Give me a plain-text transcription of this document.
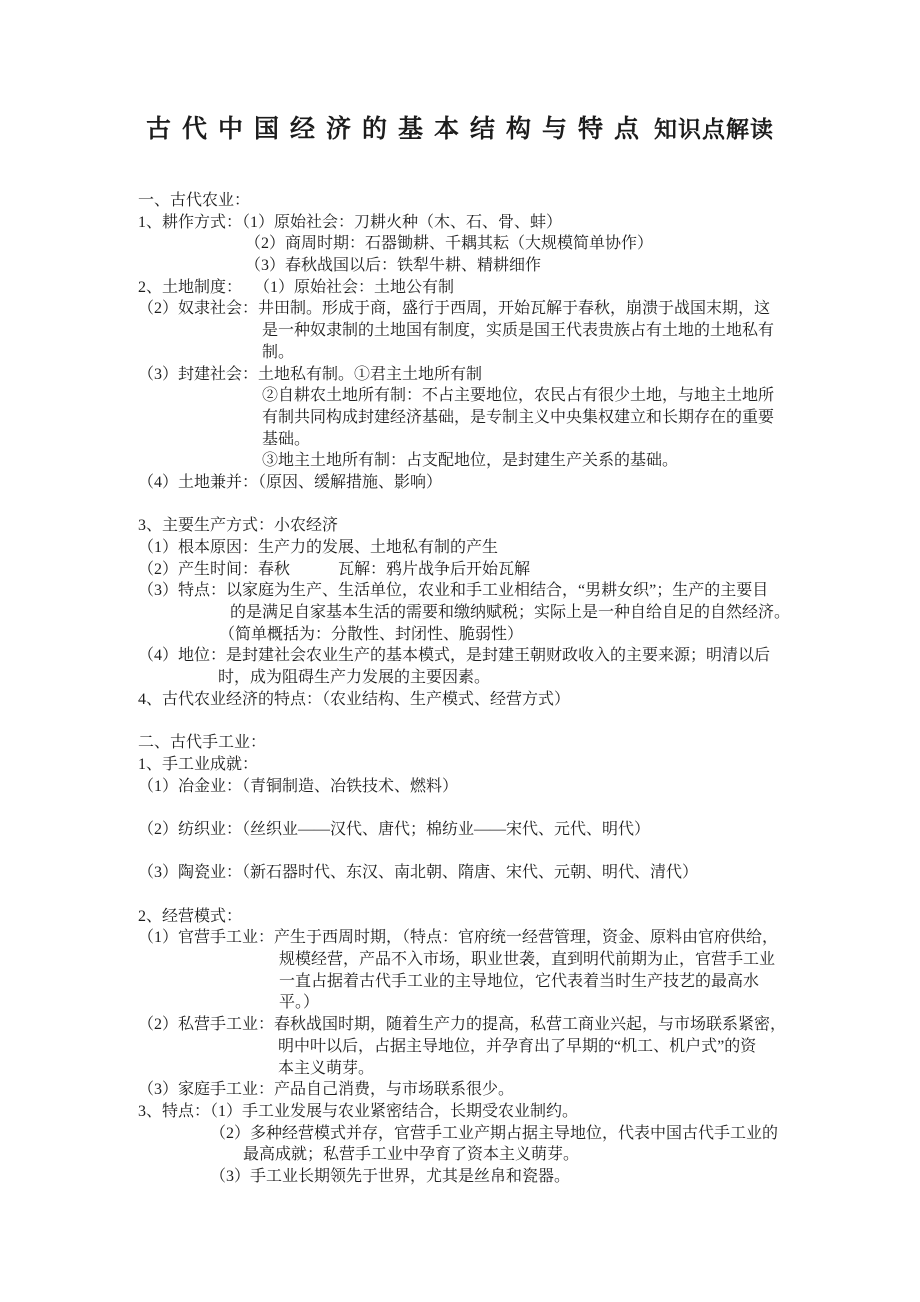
古代中国经济的基本结构与特点 知识点解读
一、古代农业：
1、耕作方式：（1）原始社会：刀耕火种（木、石、骨、蚌）
（2）商周时期：石器锄耕、千耦其耘（大规模简单协作）
（3）春秋战国以后：铁犁牛耕、精耕细作
2、土地制度：　 （1）原始社会：土地公有制
（2）奴隶社会：井田制。形成于商，盛行于西周，开始瓦解于春秋，崩溃于战国末期，这
是一种奴隶制的土地国有制度，实质是国王代表贵族占有土地的土地私有
制。
（3）封建社会：土地私有制。①君主土地所有制
②自耕农土地所有制：不占主要地位，农民占有很少土地，与地主土地所
有制共同构成封建经济基础，是专制主义中央集权建立和长期存在的重要
基础。
③地主土地所有制：占支配地位，是封建生产关系的基础。
（4）土地兼并：（原因、缓解措施、影响）

3、主要生产方式：小农经济
（1）根本原因：生产力的发展、土地私有制的产生
（2）产生时间：春秋　　　瓦解：鸦片战争后开始瓦解
（3）特点：以家庭为生产、生活单位，农业和手工业相结合，“男耕女织”；生产的主要目
的是满足自家基本生活的需要和缴纳赋税；实际上是一种自给自足的自然经济。
（简单概括为：分散性、封闭性、脆弱性）
（4）地位：是封建社会农业生产的基本模式，是封建王朝财政收入的主要来源；明清以后
时，成为阻碍生产力发展的主要因素。
4、古代农业经济的特点：（农业结构、生产模式、经营方式）

二、古代手工业：
1、手工业成就：
（1）冶金业：（青铜制造、冶铁技术、燃料）

（2）纺织业：（丝织业——汉代、唐代；棉纺业——宋代、元代、明代）

（3）陶瓷业：（新石器时代、东汉、南北朝、隋唐、宋代、元朝、明代、清代）

2、经营模式：
（1）官营手工业：产生于西周时期，（特点：官府统一经营管理，资金、原料由官府供给，
规模经营，产品不入市场，职业世袭，直到明代前期为止，官营手工业
一直占据着古代手工业的主导地位，它代表着当时生产技艺的最高水
平。）
（2）私营手工业：春秋战国时期，随着生产力的提高，私营工商业兴起，与市场联系紧密，
明中叶以后，占据主导地位，并孕育出了早期的“机工、机户式”的资
本主义萌芽。
（3）家庭手工业：产品自己消费，与市场联系很少。
3、特点：（1）手工业发展与农业紧密结合，长期受农业制约。
（2）多种经营模式并存，官营手工业产期占据主导地位，代表中国古代手工业的
最高成就；私营手工业中孕育了资本主义萌芽。
（3）手工业长期领先于世界，尤其是丝帛和瓷器。
